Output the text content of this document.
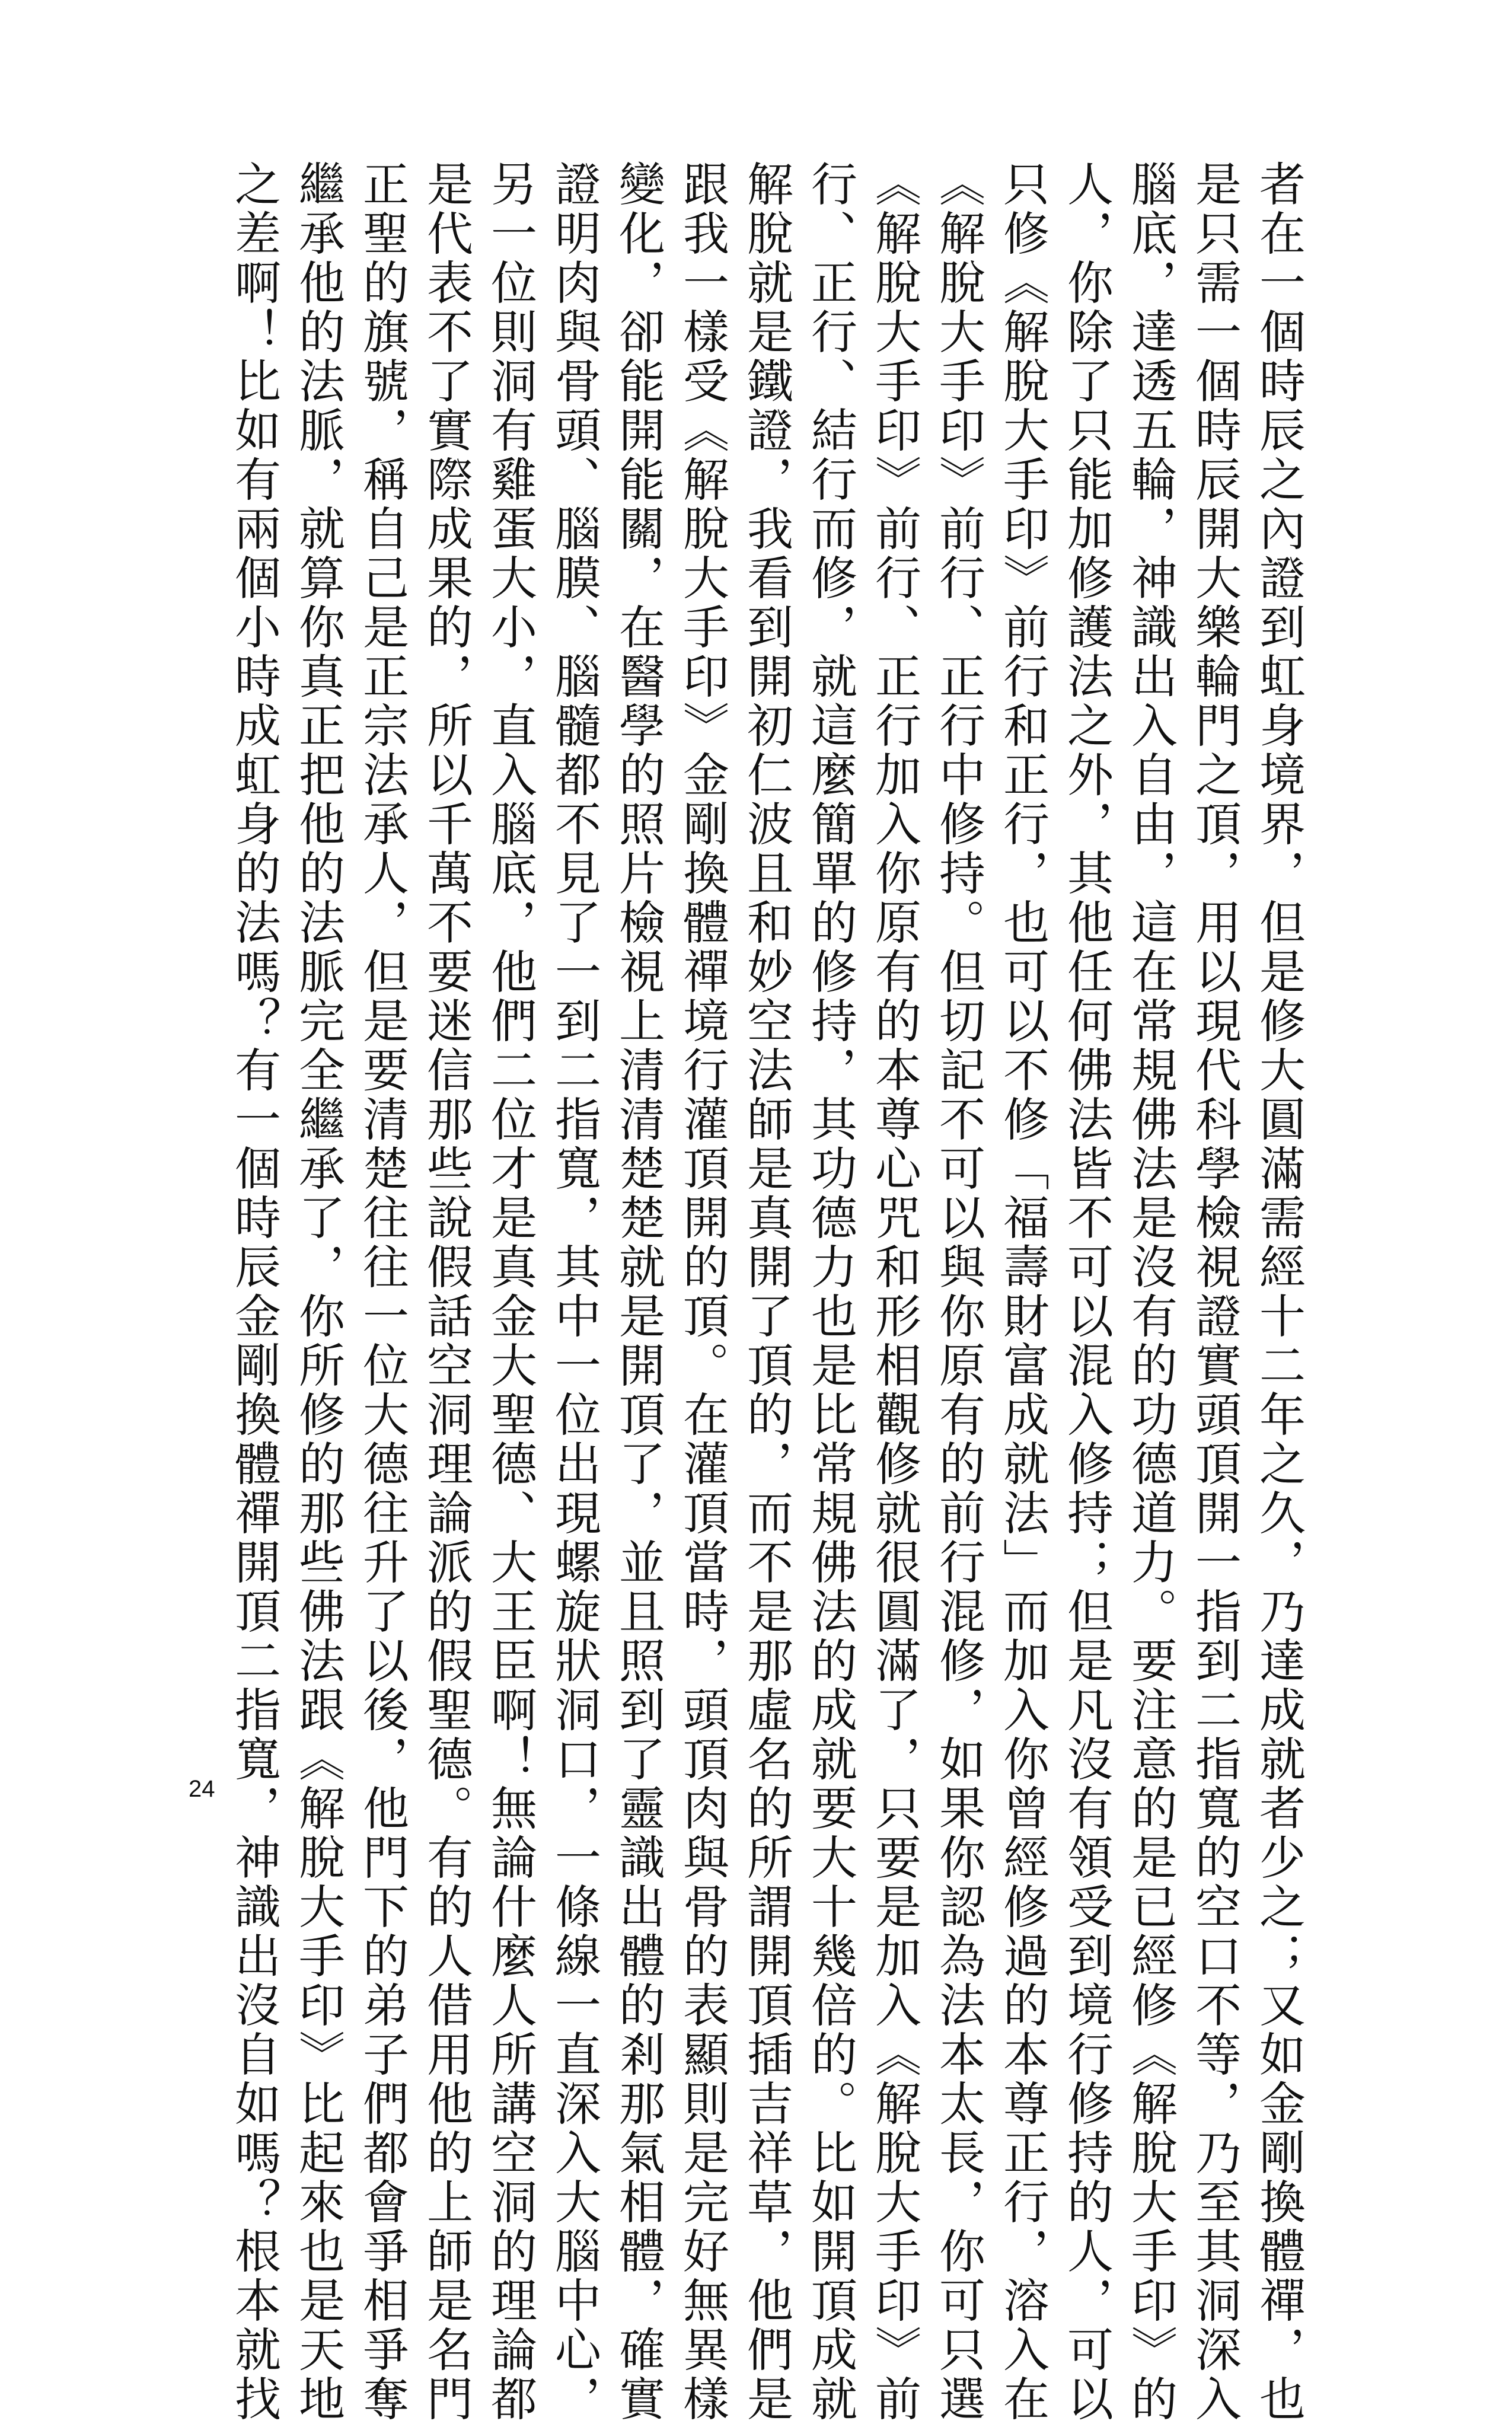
者在一個時辰之內證到虹身境界，但是修大圓滿需經十二年之久，乃達成就者少之；又如金剛換體禪，也
是只需一個時辰開大樂輪門之頂，用以現代科學檢視證實頭頂開一指到二指寬的空口不等，乃至其洞深入
腦底，達透五輪，神識出入自由，這在常規佛法是沒有的功德道力。要注意的是已經修《解脫大手印》的
人，你除了只能加修護法之外，其他任何佛法皆不可以混入修持；但是凡沒有領受到境行修持的人，可以
只修《解脫大手印》前行和正行，也可以不修「福壽財富成就法」而加入你曾經修過的本尊正行，溶入在
《解脫大手印》前行、正行中修持。但切記不可以與你原有的前行混修，如果你認為法本太長，你可只選
《解脫大手印》前行、正行加入你原有的本尊心咒和形相觀修就很圓滿了，只要是加入《解脫大手印》前
行、正行、結行而修，就這麼簡單的修持，其功德力也是比常規佛法的成就要大十幾倍的。比如開頂成就
解脫就是鐵證，我看到開初仁波且和妙空法師是真開了頂的，而不是那虛名的所謂開頂插吉祥草，他們是
跟我一樣受《解脫大手印》金剛換體禪境行灌頂開的頂。在灌頂當時，頭頂肉與骨的表顯則是完好無異樣
變化，卻能開能關，在醫學的照片檢視上清清楚楚就是開頂了，並且照到了靈識出體的剎那氣相體，確實
證明肉與骨頭、腦膜、腦髓都不見了一到二指寬，其中一位出現螺旋狀洞口，一條線一直深入大腦中心，
另一位則洞有雞蛋大小，直入腦底，他們二位才是真金大聖德、大王臣啊！無論什麼人所講空洞的理論都
是代表不了實際成果的，所以千萬不要迷信那些說假話空洞理論派的假聖德。有的人借用他的上師是名門
正聖的旗號，稱自己是正宗法承人，但是要清楚往往一位大德往升了以後，他門下的弟子們都會爭相爭奪
繼承他的法脈，就算你真正把他的法脈完全繼承了，你所修的那些佛法跟《解脫大手印》比起來也是天地
之差啊！比如有兩個小時成虹身的法嗎？有一個時辰金剛換體禪開頂二指寬，神識出沒自如嗎？根本就找
24
